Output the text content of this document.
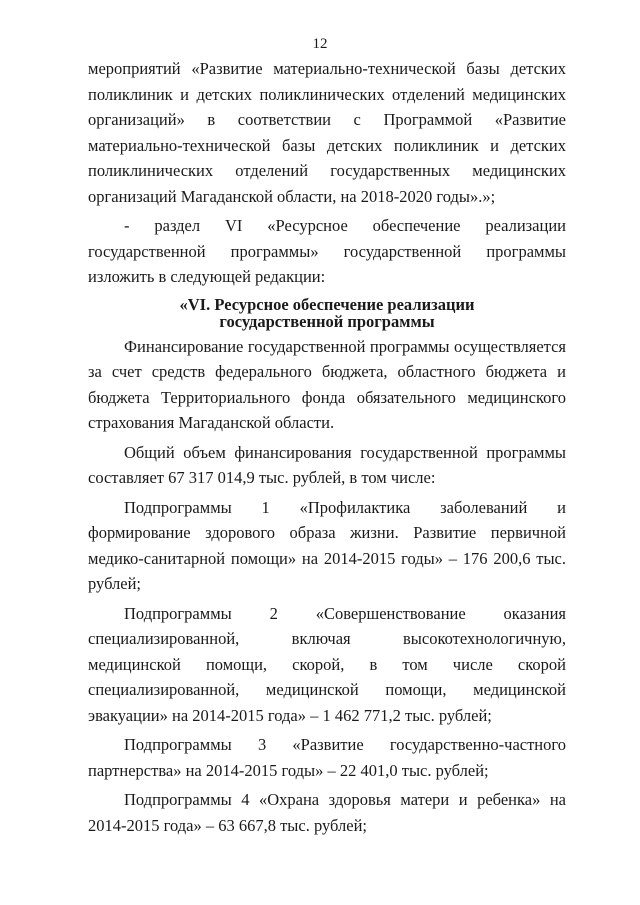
12

мероприятий «Развитие материально-технической базы детских поликлиник и детских поликлинических отделений медицинских организаций» в соответствии с Программой «Развитие материально-технической базы детских поликлиник и детских поликлинических отделений государственных медицинских организаций Магаданской области, на 2018-2020 годы».»;

- раздел VI «Ресурсное обеспечение реализации государственной программы» государственной программы изложить в следующей редакции:

«VI. Ресурсное обеспечение реализации
государственной программы

Финансирование государственной программы осуществляется за счет средств федерального бюджета, областного бюджета и бюджета Территориального фонда обязательного медицинского страхования Магаданской области.

Общий объем финансирования государственной программы составляет 67 317 014,9 тыс. рублей, в том числе:

Подпрограммы 1 «Профилактика заболеваний и формирование здорового образа жизни. Развитие первичной медико-санитарной помощи» на 2014-2015 годы» – 176 200,6 тыс. рублей;

Подпрограммы 2 «Совершенствование оказания специализированной, включая высокотехнологичную, медицинской помощи, скорой, в том числе скорой специализированной, медицинской помощи, медицинской эвакуации» на 2014-2015 года» – 1 462 771,2 тыс. рублей;

Подпрограммы 3 «Развитие государственно-частного партнерства» на 2014-2015 годы» – 22 401,0 тыс. рублей;

Подпрограммы 4 «Охрана здоровья матери и ребенка» на 2014-2015 года» – 63 667,8 тыс. рублей;
